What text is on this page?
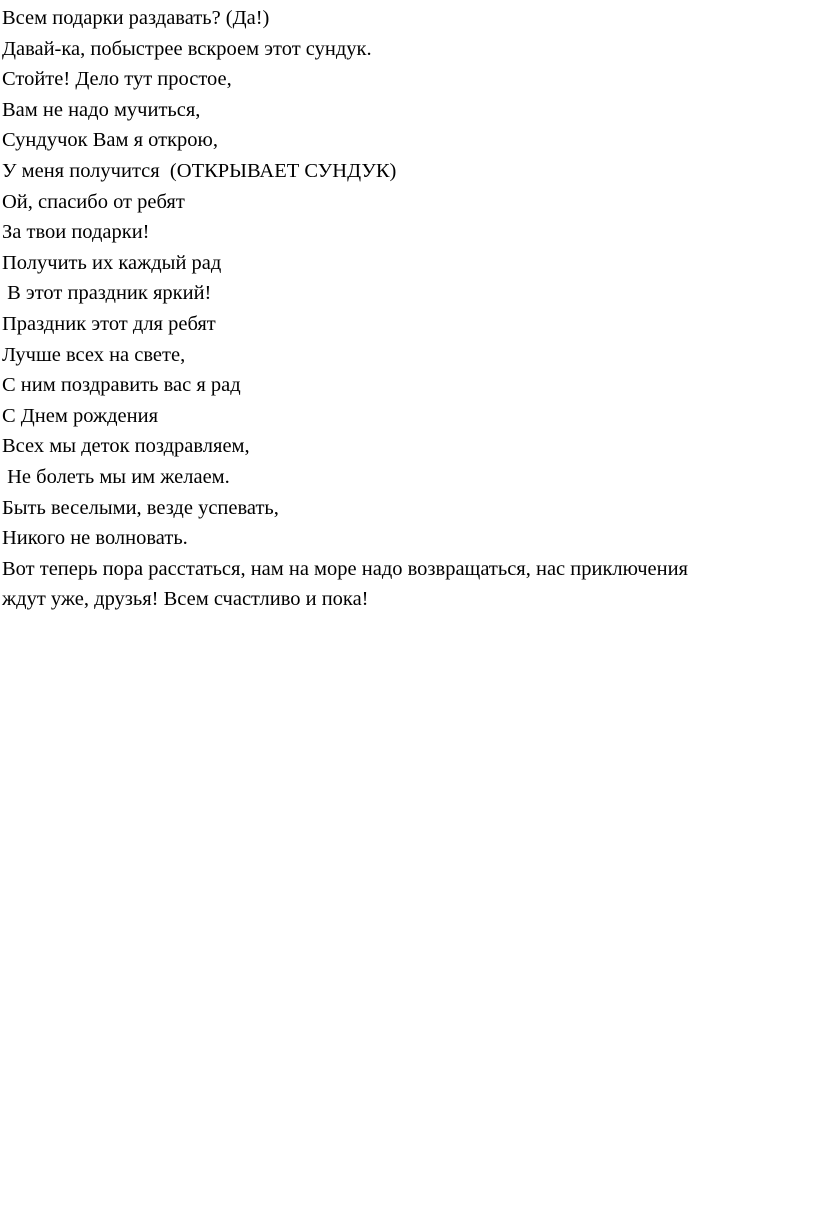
Всем подарки раздавать? (Да!)
Давай-ка, побыстрее вскроем этот сундук.
Стойте! Дело тут простое,
Вам не надо мучиться,
Сундучок Вам я открою,
У меня получится  (ОТКРЫВАЕТ СУНДУК)
Ой, спасибо от ребят
За твои подарки!
Получить их каждый рад
В этот праздник яркий!
Праздник этот для ребят
Лучше всех на свете,
С ним поздравить вас я рад
С Днем рождения
Всех мы деток поздравляем,
Не болеть мы им желаем.
Быть веселыми, везде успевать,
Никого не волновать.
Вот теперь пора расстаться, нам на море надо возвращаться, нас приключения
ждут уже, друзья! Всем счастливо и пока!
